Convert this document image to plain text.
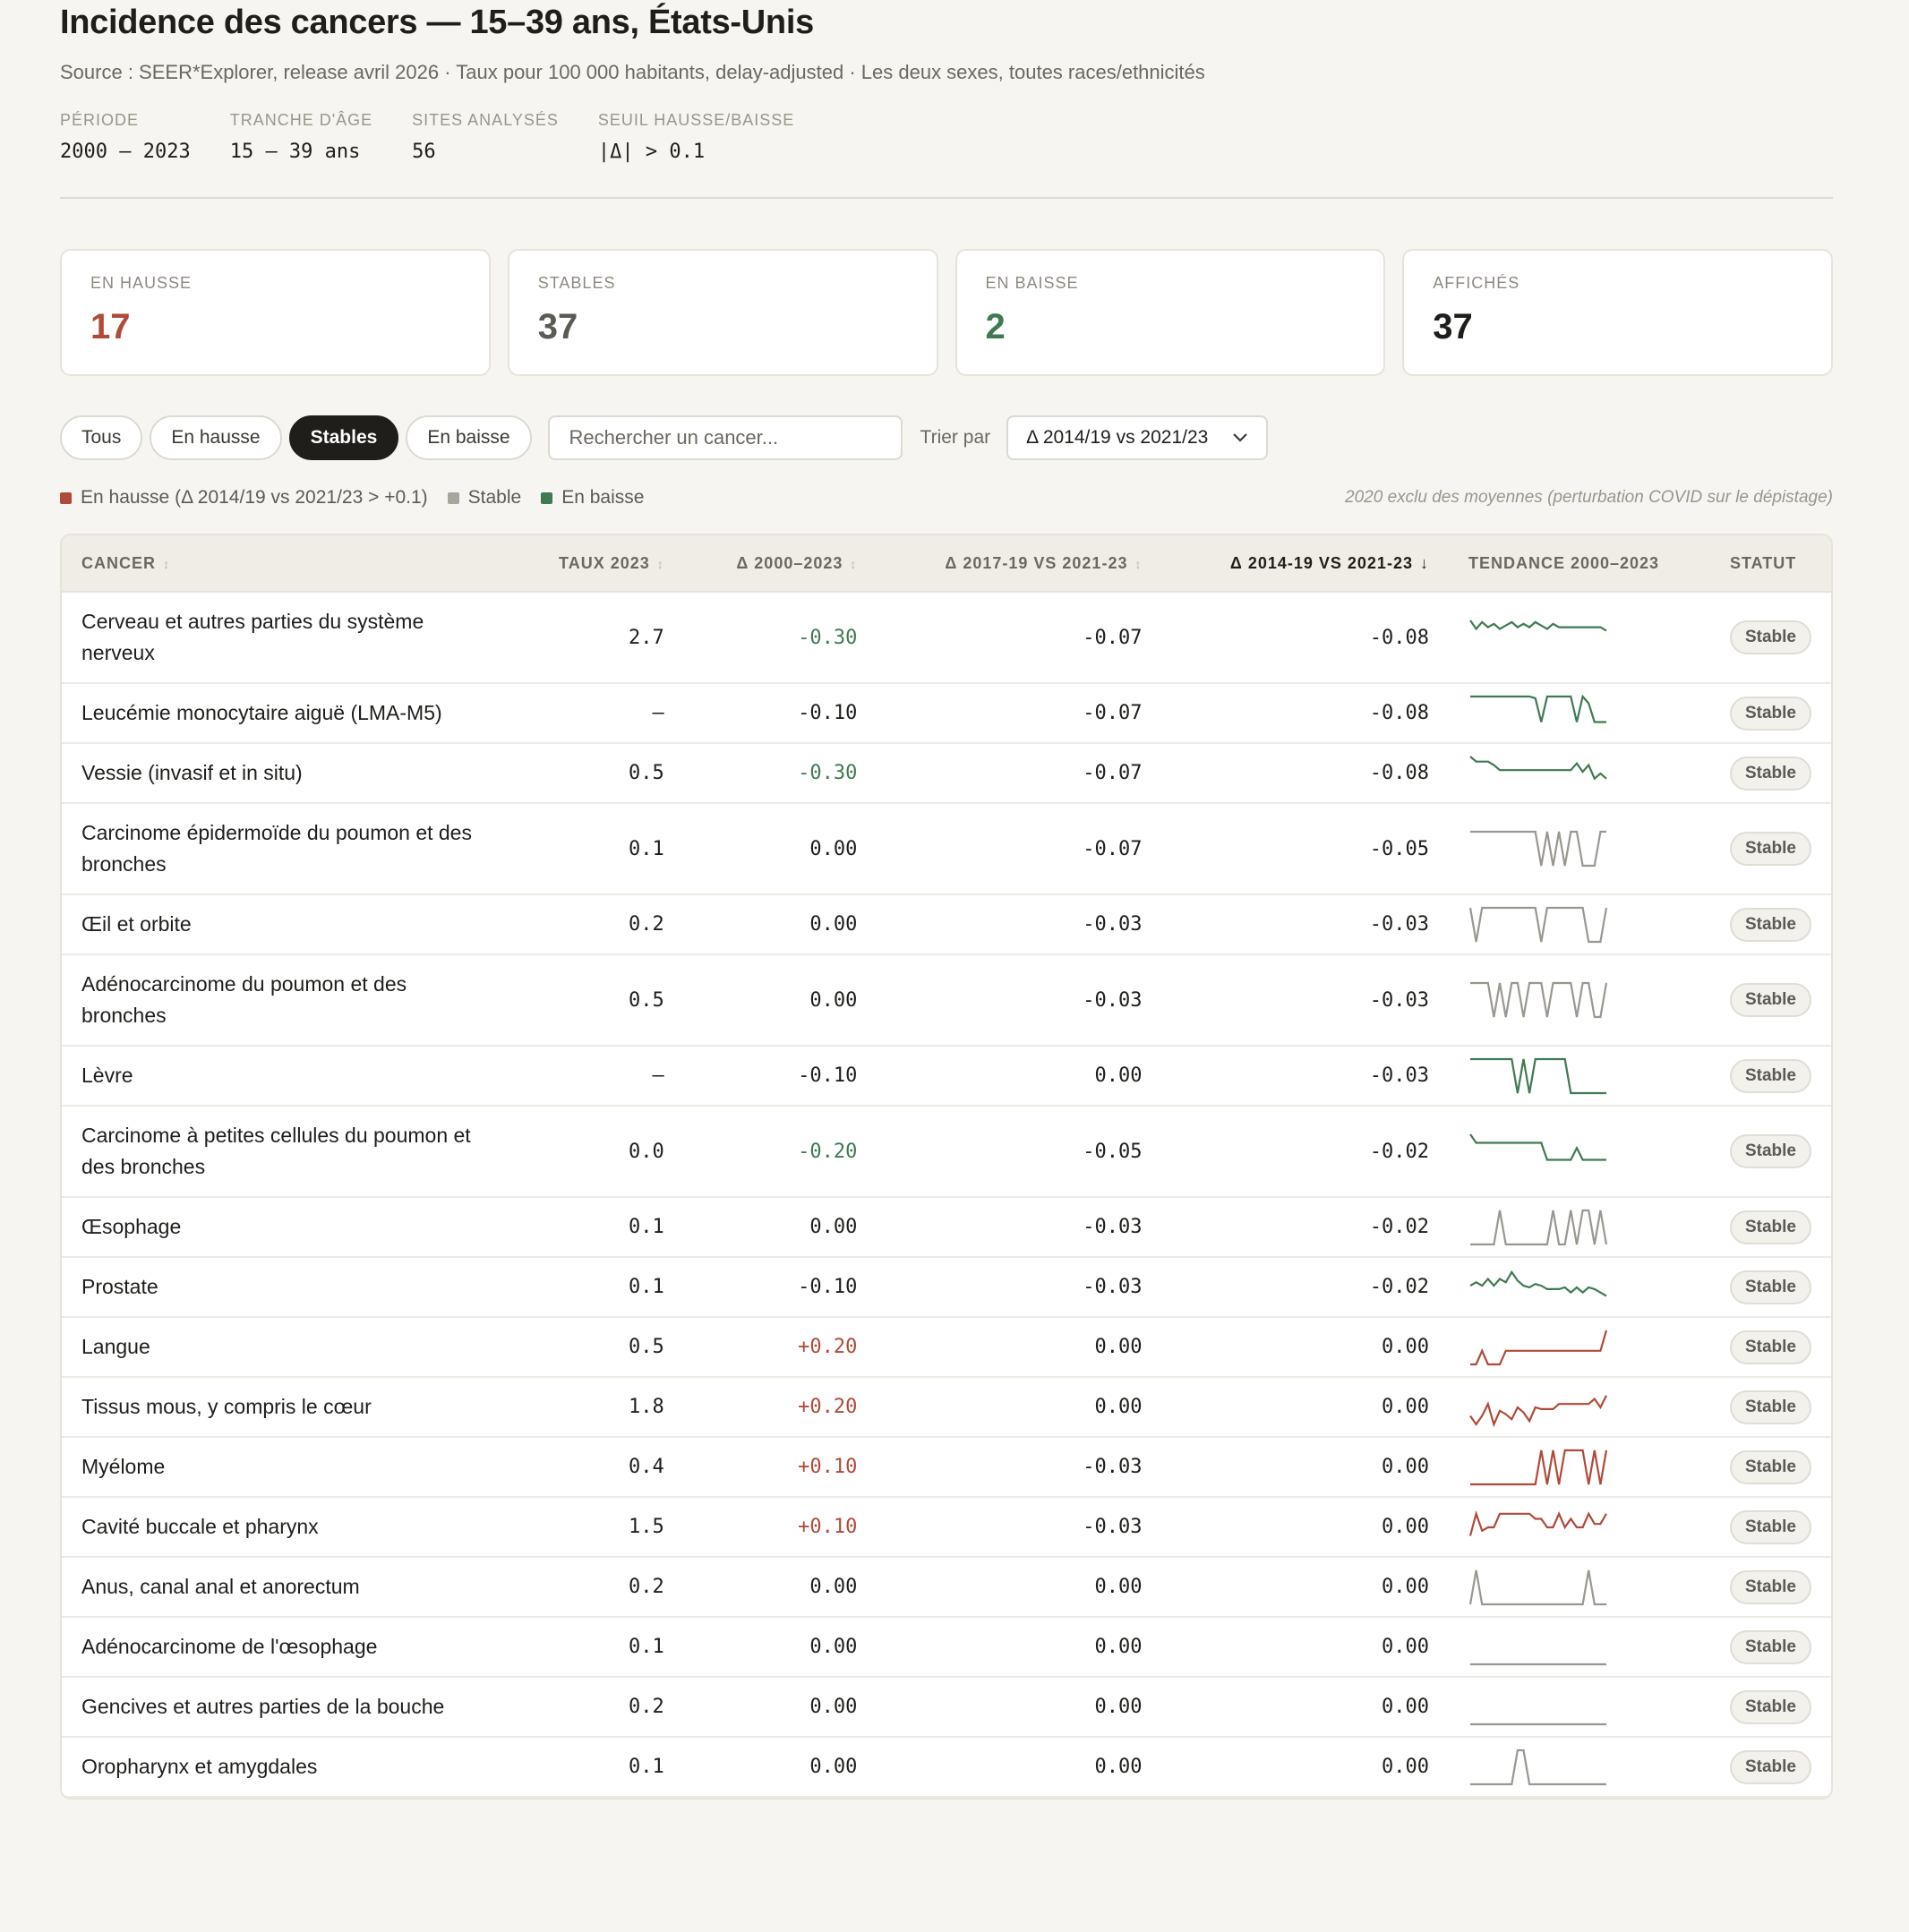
Incidence des cancers — 15–39 ans, États-Unis
Source : SEER*Explorer, release avril 2026 · Taux pour 100 000 habitants, delay-adjusted · Les deux sexes, toutes races/ethnicités
PÉRIODE
2000 – 2023
TRANCHE D'ÂGE
15 – 39 ans
SITES ANALYSÉS
56
SEUIL HAUSSE/BAISSE
|Δ| > 0.1
EN HAUSSE
17
STABLES
37
EN BAISSE
2
AFFICHÉS
37
Tous	En hausse	Stables	En baisse
Rechercher un cancer...	Trier par Δ 2014/19 vs 2021/23
En hausse (Δ 2014/19 vs 2021/23 > +0.1) Stable En baisse	2020 exclu des moyennes (perturbation COVID sur le dépistage)
CANCER ↕	TAUX 2023 ↕	Δ 2000–2023 ↕	Δ 2017-19 VS 2021-23 ↕	Δ 2014-19 VS 2021-23 ↓	TENDANCE 2000–2023	STATUT
Cerveau et autres parties du système nerveux	2.7	-0.30	-0.07	-0.08		Stable
Leucémie monocytaire aiguë (LMA-M5)	–	-0.10	-0.07	-0.08		Stable
Vessie (invasif et in situ)	0.5	-0.30	-0.07	-0.08		Stable
Carcinome épidermoïde du poumon et des bronches	0.1	0.00	-0.07	-0.05		Stable
Œil et orbite	0.2	0.00	-0.03	-0.03		Stable
Adénocarcinome du poumon et des bronches	0.5	0.00	-0.03	-0.03		Stable
Lèvre	–	-0.10	0.00	-0.03		Stable
Carcinome à petites cellules du poumon et des bronches	0.0	-0.20	-0.05	-0.02		Stable
Œsophage	0.1	0.00	-0.03	-0.02		Stable
Prostate	0.1	-0.10	-0.03	-0.02		Stable
Langue	0.5	+0.20	0.00	0.00		Stable
Tissus mous, y compris le cœur	1.8	+0.20	0.00	0.00		Stable
Myélome	0.4	+0.10	-0.03	0.00		Stable
Cavité buccale et pharynx	1.5	+0.10	-0.03	0.00		Stable
Anus, canal anal et anorectum	0.2	0.00	0.00	0.00		Stable
Adénocarcinome de l'œsophage	0.1	0.00	0.00	0.00		Stable
Gencives et autres parties de la bouche	0.2	0.00	0.00	0.00		Stable
Oropharynx et amygdales	0.1	0.00	0.00	0.00		Stable
